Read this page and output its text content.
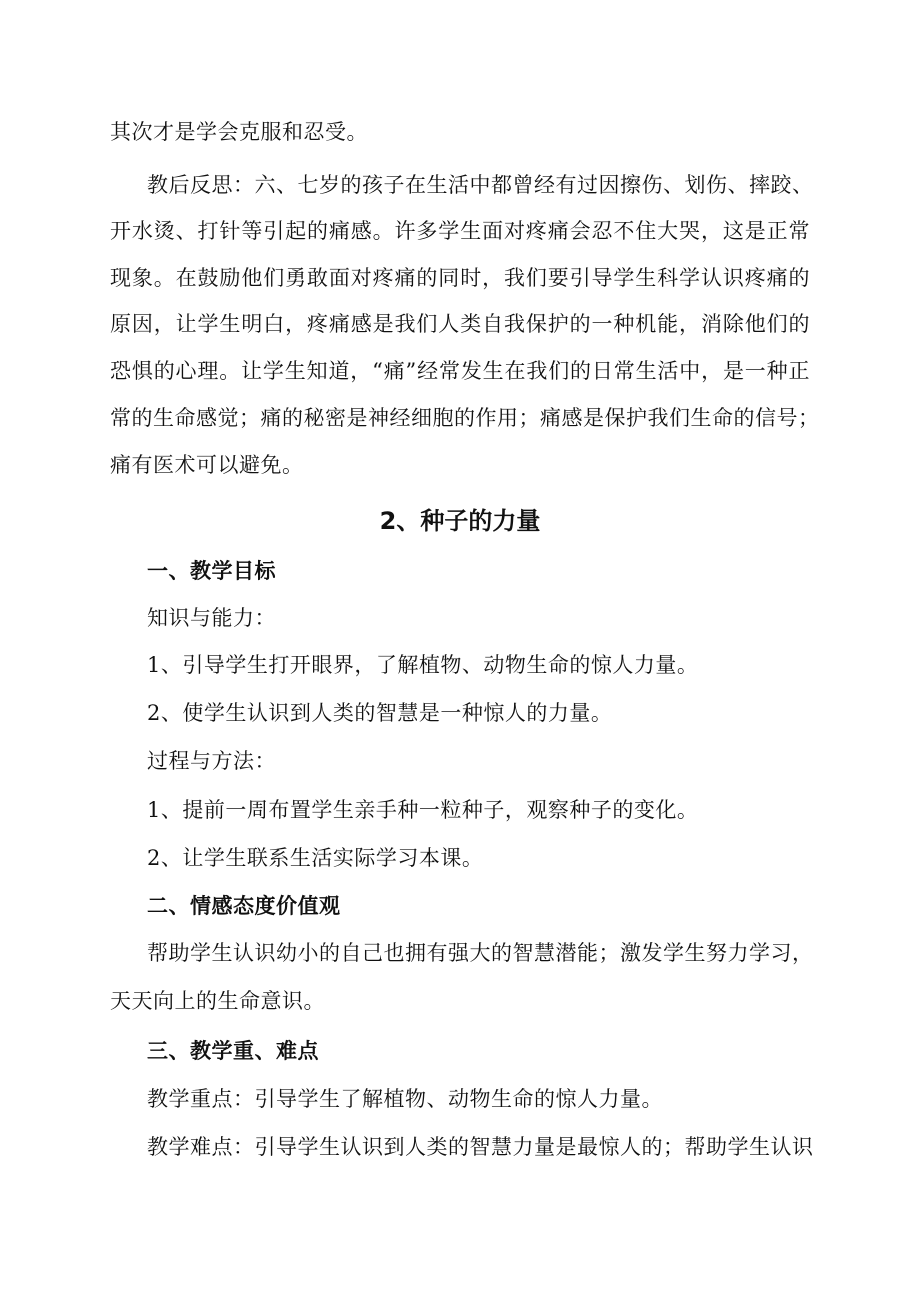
其次才是学会克服和忍受。
教后反思：六、七岁的孩子在生活中都曾经有过因擦伤、划伤、摔跤、
开水烫、打针等引起的痛感。许多学生面对疼痛会忍不住大哭，这是正常
现象。在鼓励他们勇敢面对疼痛的同时，我们要引导学生科学认识疼痛的
原因，让学生明白，疼痛感是我们人类自我保护的一种机能，消除他们的
恐惧的心理。让学生知道，“痛”经常发生在我们的日常生活中，是一种正
常的生命感觉；痛的秘密是神经细胞的作用；痛感是保护我们生命的信号；
痛有医术可以避免。
2、种子的力量
一、教学目标
知识与能力：
1、引导学生打开眼界，了解植物、动物生命的惊人力量。
2、使学生认识到人类的智慧是一种惊人的力量。
过程与方法：
1、提前一周布置学生亲手种一粒种子，观察种子的变化。
2、让学生联系生活实际学习本课。
二、情感态度价值观
帮助学生认识幼小的自己也拥有强大的智慧潜能；激发学生努力学习，
天天向上的生命意识。
三、教学重、难点
教学重点：引导学生了解植物、动物生命的惊人力量。
教学难点：引导学生认识到人类的智慧力量是最惊人的；帮助学生认识
